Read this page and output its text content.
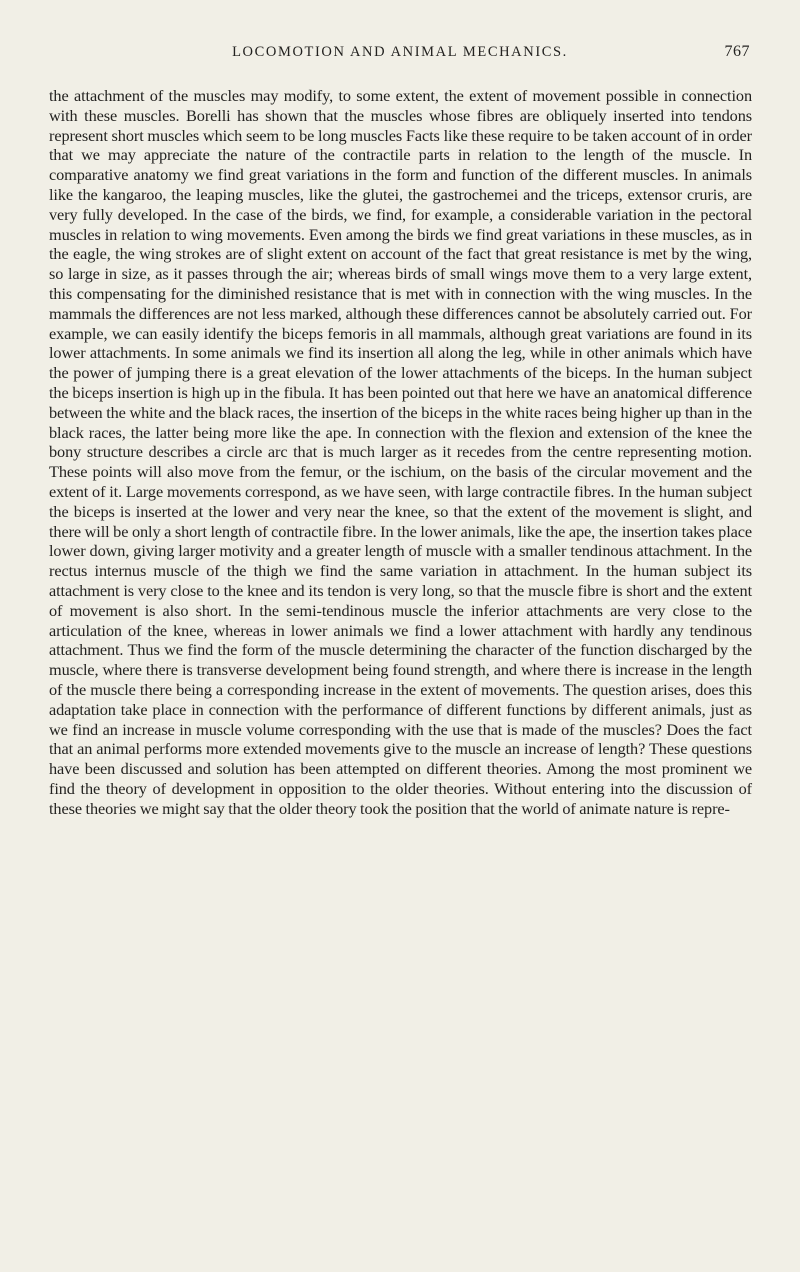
LOCOMOTION AND ANIMAL MECHANICS.	767

the attachment of the muscles may modify, to some extent, the extent of movement possible in connection with these muscles. Borelli has shown that the muscles whose fibres are obliquely inserted into tendons represent short muscles which seem to be long muscles Facts like these require to be taken account of in order that we may appreciate the nature of the contractile parts in relation to the length of the muscle. In comparative anatomy we find great variations in the form and function of the different muscles. In animals like the kangaroo, the leaping muscles, like the glutei, the gastrochemei and the triceps, extensor cruris, are very fully developed. In the case of the birds, we find, for example, a considerable variation in the pectoral muscles in relation to wing movements. Even among the birds we find great variations in these muscles, as in the eagle, the wing strokes are of slight extent on account of the fact that great resistance is met by the wing, so large in size, as it passes through the air; whereas birds of small wings move them to a very large extent, this compensating for the diminished resistance that is met with in connection with the wing muscles. In the mammals the differences are not less marked, although these differences cannot be absolutely carried out. For example, we can easily identify the biceps femoris in all mammals, although great variations are found in its lower attachments. In some animals we find its insertion all along the leg, while in other animals which have the power of jumping there is a great elevation of the lower attachments of the biceps. In the human subject the biceps insertion is high up in the fibula. It has been pointed out that here we have an anatomical difference between the white and the black races, the insertion of the biceps in the white races being higher up than in the black races, the latter being more like the ape. In connection with the flexion and extension of the knee the bony structure describes a circle arc that is much larger as it recedes from the centre representing motion. These points will also move from the femur, or the ischium, on the basis of the circular movement and the extent of it. Large movements correspond, as we have seen, with large contractile fibres. In the human subject the biceps is inserted at the lower and very near the knee, so that the extent of the movement is slight, and there will be only a short length of contractile fibre. In the lower animals, like the ape, the insertion takes place lower down, giving larger motivity and a greater length of muscle with a smaller tendinous attachment. In the rectus internus muscle of the thigh we find the same variation in attachment. In the human subject its attachment is very close to the knee and its tendon is very long, so that the muscle fibre is short and the extent of movement is also short. In the semi-tendinous muscle the inferior attachments are very close to the articulation of the knee, whereas in lower animals we find a lower attachment with hardly any tendinous attachment. Thus we find the form of the muscle determining the character of the function discharged by the muscle, where there is transverse development being found strength, and where there is increase in the length of the muscle there being a corresponding increase in the extent of movements. The question arises, does this adaptation take place in connection with the performance of different functions by different animals, just as we find an increase in muscle volume corresponding with the use that is made of the muscles? Does the fact that an animal performs more extended movements give to the muscle an increase of length? These questions have been discussed and solution has been attempted on different theories. Among the most prominent we find the theory of development in opposition to the older theories. Without entering into the discussion of these theories we might say that the older theory took the position that the world of animate nature is repre-
